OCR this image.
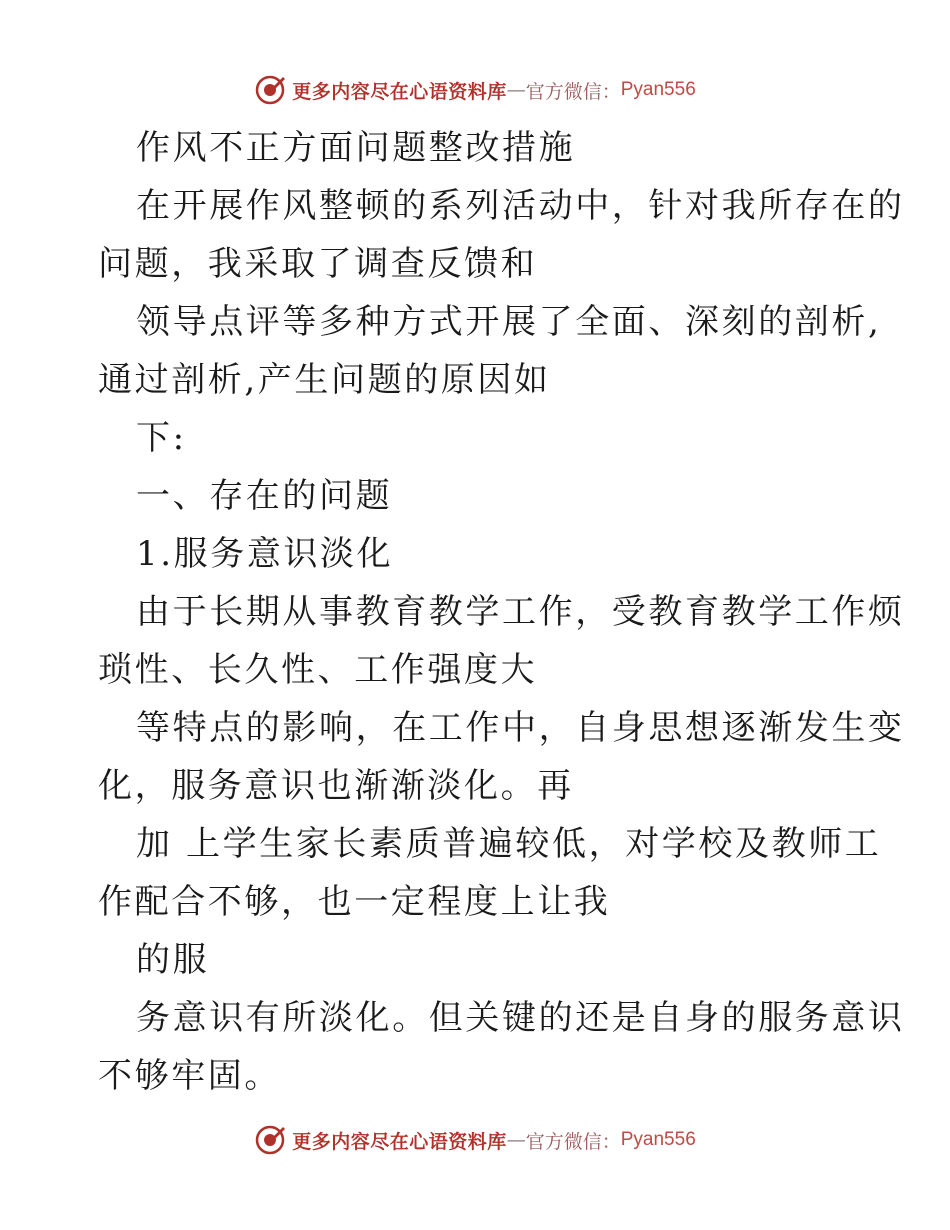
更多内容尽在心语资料库 — 官方微信： Pyan556
作风不正方面问题整改措施
在开展作风整顿的系列活动中，针对我所存在的
问题，我采取了调查反馈和
领导点评等多种方式开展了全面、深刻的剖析,
通过剖析,产生问题的原因如
下:
一、存在的问题
1.服务意识淡化
由于长期从事教育教学工作，受教育教学工作烦
琐性、长久性、工作强度大
等特点的影响，在工作中，自身思想逐渐发生变
化，服务意识也渐渐淡化。再
加 上学生家长素质普遍较低，对学校及教师工
作配合不够，也一定程度上让我
的服
务意识有所淡化。但关键的还是自身的服务意识
不够牢固。
更多内容尽在心语资料库 — 官方微信： Pyan556
